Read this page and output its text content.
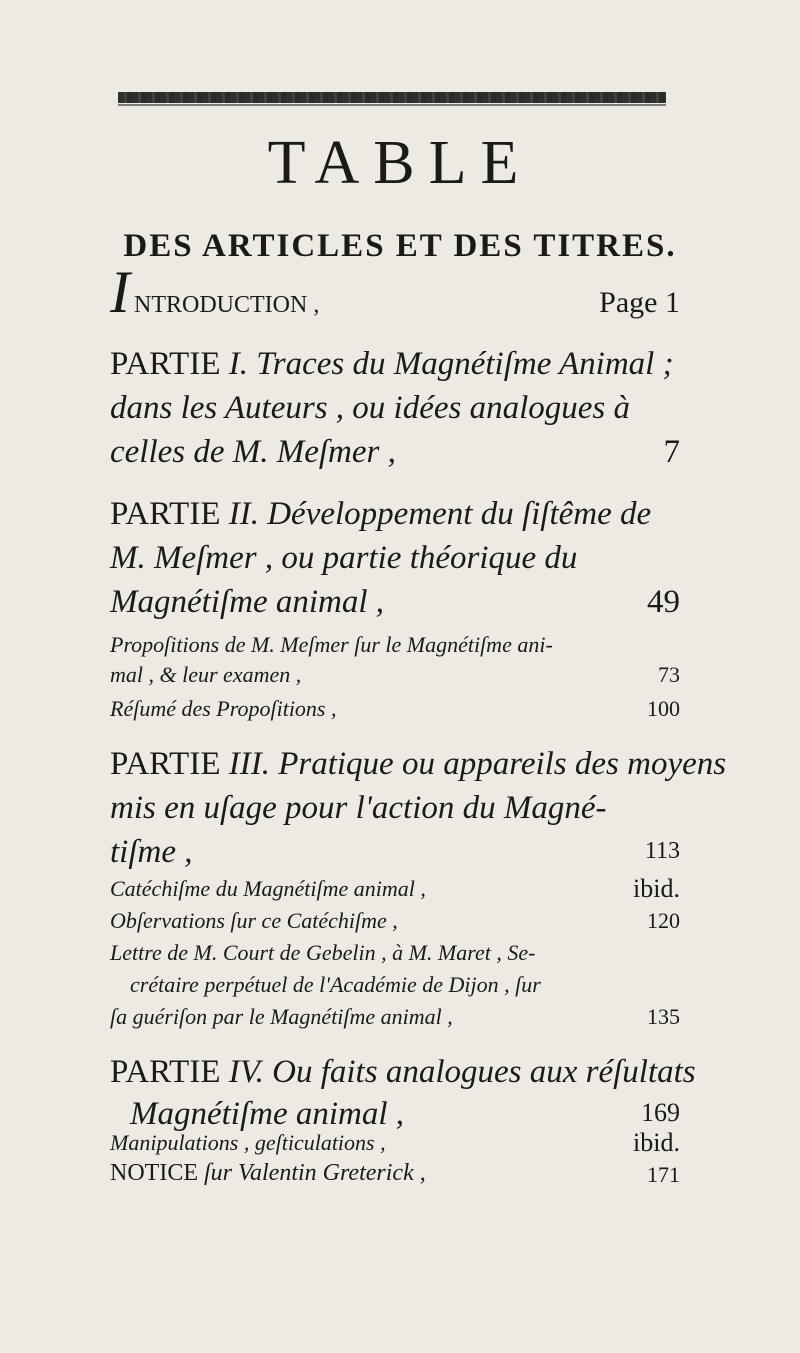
TABLE
DES ARTICLES ET DES TITRES.
I NTRODUCTION ,	Page 1
PARTIE I. Traces du Magnétiſme Animal ;
dans les Auteurs , ou idées analogues à
celles de M. Meſmer ,	7
PARTIE II. Développement du ſiſtême de
M. Meſmer , ou partie théorique du
Magnétiſme animal ,	49
Propoſitions de M. Meſmer ſur le Magnétiſme ani-
mal , & leur examen ,	73
Réſumé des Propoſitions ,	100
PARTIE III. Pratique ou appareils des moyens
mis en uſage pour l'action du Magné-
tiſme ,	113
Catéchiſme du Magnétiſme animal ,	ibid.
Obſervations ſur ce Catéchiſme ,	120
Lettre de M. Court de Gebelin , à M. Maret , Se-
crétaire perpétuel de l'Académie de Dijon , ſur
ſa guériſon par le Magnétiſme animal ,	135
PARTIE IV. Ou faits analogues aux réſultats
Magnétiſme animal ,	169
Manipulations , geſticulations ,	ibid.
NOTICE ſur Valentin Greterick ,	171
